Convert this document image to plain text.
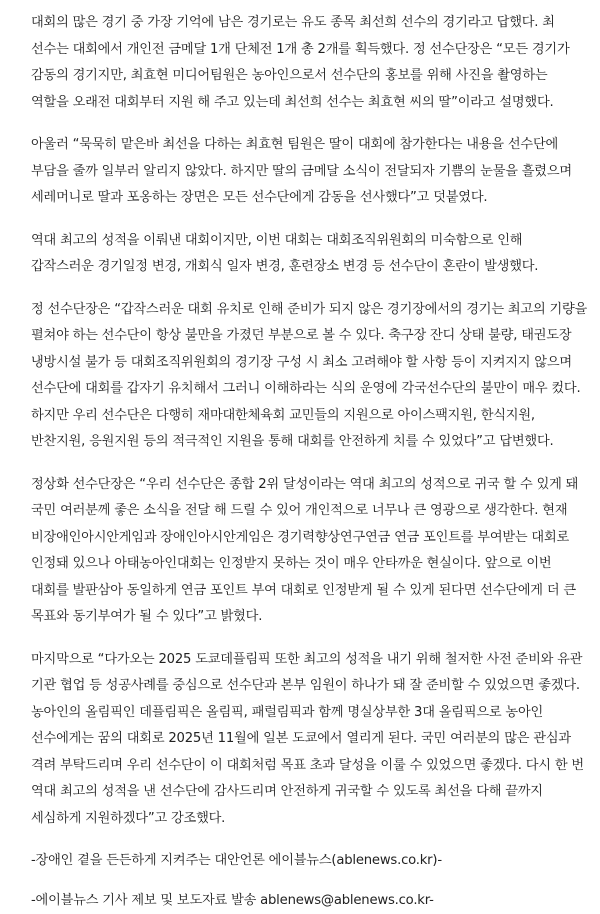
대회의 많은 경기 중 가장 기억에 남은 경기로는 유도 종목 최선희 선수의 경기라고 답했다. 최 선수는 대회에서 개인전 금메달 1개 단체전 1개 총 2개를 획득했다. 정 선수단장은 “모든 경기가 감동의 경기지만, 최효현 미디어팀원은 농아인으로서 선수단의 홍보를 위해 사진을 촬영하는 역할을 오래전 대회부터 지원 해 주고 있는데 최선희 선수는 최효현 씨의 딸”이라고 설명했다.

아울러 “묵묵히 맡은바 최선을 다하는 최효현 팀원은 딸이 대회에 참가한다는 내용을 선수단에 부담을 줄까 일부러 알리지 않았다. 하지만 딸의 금메달 소식이 전달되자 기쁨의 눈물을 흘렸으며 세레머니로 딸과 포옹하는 장면은 모든 선수단에게 감동을 선사했다”고 덧붙였다.

역대 최고의 성적을 이뤄낸 대회이지만, 이번 대회는 대회조직위원회의 미숙함으로 인해 갑작스러운 경기일정 변경, 개회식 일자 변경, 훈련장소 변경 등 선수단이 혼란이 발생했다.

정 선수단장은 “갑작스러운 대회 유치로 인해 준비가 되지 않은 경기장에서의 경기는 최고의 기량을 펼쳐야 하는 선수단이 항상 불만을 가졌던 부분으로 볼 수 있다. 축구장 잔디 상태 불량, 태권도장 냉방시설 불가 등 대회조직위원회의 경기장 구성 시 최소 고려해야 할 사항 등이 지켜지지 않으며 선수단에 대회를 갑자기 유치해서 그러니 이해하라는 식의 운영에 각국선수단의 불만이 매우 컸다. 하지만 우리 선수단은 다행히 재마대한체육회 교민들의 지원으로 아이스팩지원, 한식지원, 반찬지원, 응원지원 등의 적극적인 지원을 통해 대회를 안전하게 치를 수 있었다”고 답변했다.

정상화 선수단장은 “우리 선수단은 종합 2위 달성이라는 역대 최고의 성적으로 귀국 할 수 있게 돼 국민 여러분께 좋은 소식을 전달 해 드릴 수 있어 개인적으로 너무나 큰 영광으로 생각한다. 현재 비장애인아시안게임과 장애인아시안게임은 경기력향상연구연금 연금 포인트를 부여받는 대회로 인정돼 있으나 아태농아인대회는 인정받지 못하는 것이 매우 안타까운 현실이다. 앞으로 이번 대회를 발판삼아 동일하게 연금 포인트 부여 대회로 인정받게 될 수 있게 된다면 선수단에게 더 큰 목표와 동기부여가 될 수 있다”고 밝혔다.

마지막으로 “다가오는 2025 도쿄데플림픽 또한 최고의 성적을 내기 위해 철저한 사전 준비와 유관 기관 협업 등 성공사례를 중심으로 선수단과 본부 임원이 하나가 돼 잘 준비할 수 있었으면 좋겠다. 농아인의 올림픽인 데플림픽은 올림픽, 패럴림픽과 함께 명실상부한 3대 올림픽으로 농아인 선수에게는 꿈의 대회로 2025년 11월에 일본 도쿄에서 열리게 된다. 국민 여러분의 많은 관심과 격려 부탁드리며 우리 선수단이 이 대회처럼 목표 초과 달성을 이룰 수 있었으면 좋겠다. 다시 한 번 역대 최고의 성적을 낸 선수단에 감사드리며 안전하게 귀국할 수 있도록 최선을 다해 끝까지 세심하게 지원하겠다”고 강조했다.

-장애인 곁을 든든하게 지켜주는 대안언론 에이블뉴스(ablenews.co.kr)-

-에이블뉴스 기사 제보 및 보도자료 발송 ablenews@ablenews.co.kr-
